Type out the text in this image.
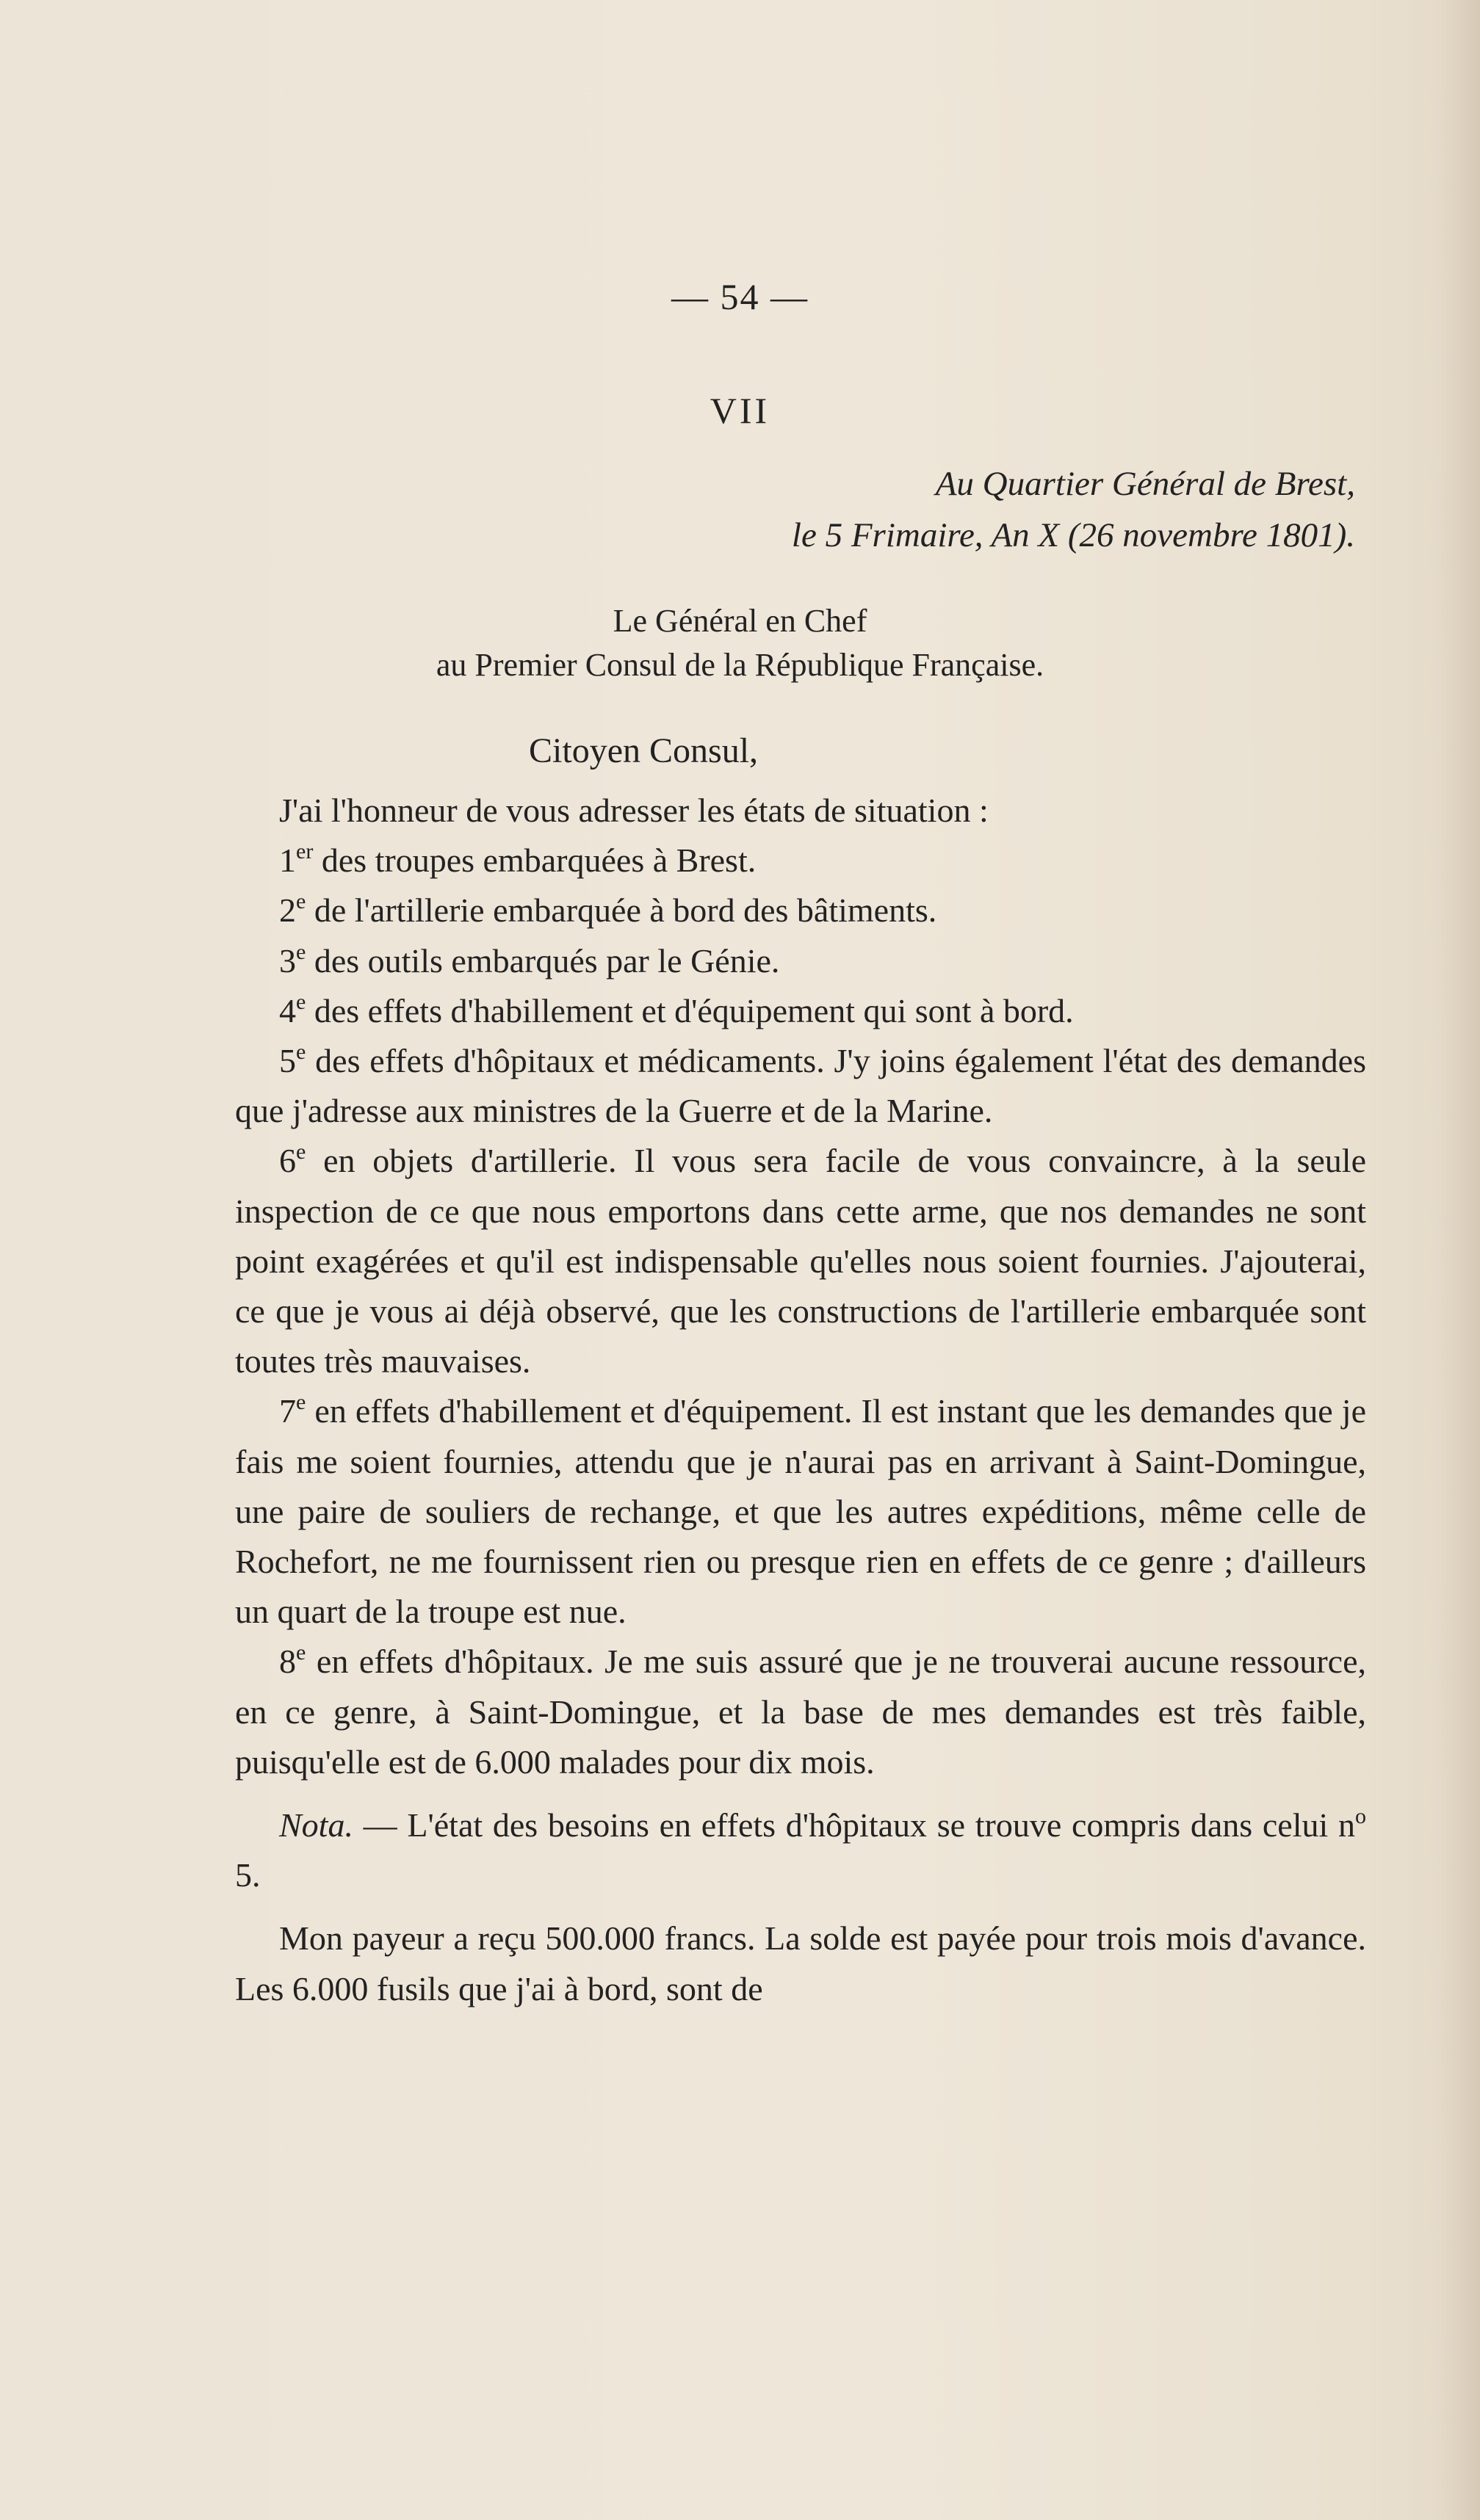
— 54 —
VII
Au Quartier Général de Brest,
le 5 Frimaire, An X (26 novembre 1801).
Le Général en Chef
au Premier Consul de la République Française.
Citoyen Consul,

J'ai l'honneur de vous adresser les états de situation :

1er des troupes embarquées à Brest.

2e de l'artillerie embarquée à bord des bâtiments.

3e des outils embarqués par le Génie.

4e des effets d'habillement et d'équipement qui sont à bord.

5e des effets d'hôpitaux et médicaments. J'y joins également l'état des demandes que j'adresse aux ministres de la Guerre et de la Marine.

6e en objets d'artillerie. Il vous sera facile de vous convaincre, à la seule inspection de ce que nous emportons dans cette arme, que nos demandes ne sont point exagérées et qu'il est indispensable qu'elles nous soient fournies. J'ajouterai, ce que je vous ai déjà observé, que les constructions de l'artillerie embarquée sont toutes très mauvaises.

7e en effets d'habillement et d'équipement. Il est instant que les demandes que je fais me soient fournies, attendu que je n'aurai pas en arrivant à Saint-Domingue, une paire de souliers de rechange, et que les autres expéditions, même celle de Rochefort, ne me fournissent rien ou presque rien en effets de ce genre ; d'ailleurs un quart de la troupe est nue.

8e en effets d'hôpitaux. Je me suis assuré que je ne trouverai aucune ressource, en ce genre, à Saint-Domingue, et la base de mes demandes est très faible, puisqu'elle est de 6.000 malades pour dix mois.

Nota. — L'état des besoins en effets d'hôpitaux se trouve compris dans celui $n^o$ 5.

Mon payeur a reçu 500.000 francs. La solde est payée pour trois mois d'avance. Les 6.000 fusils que j'ai à bord, sont de
